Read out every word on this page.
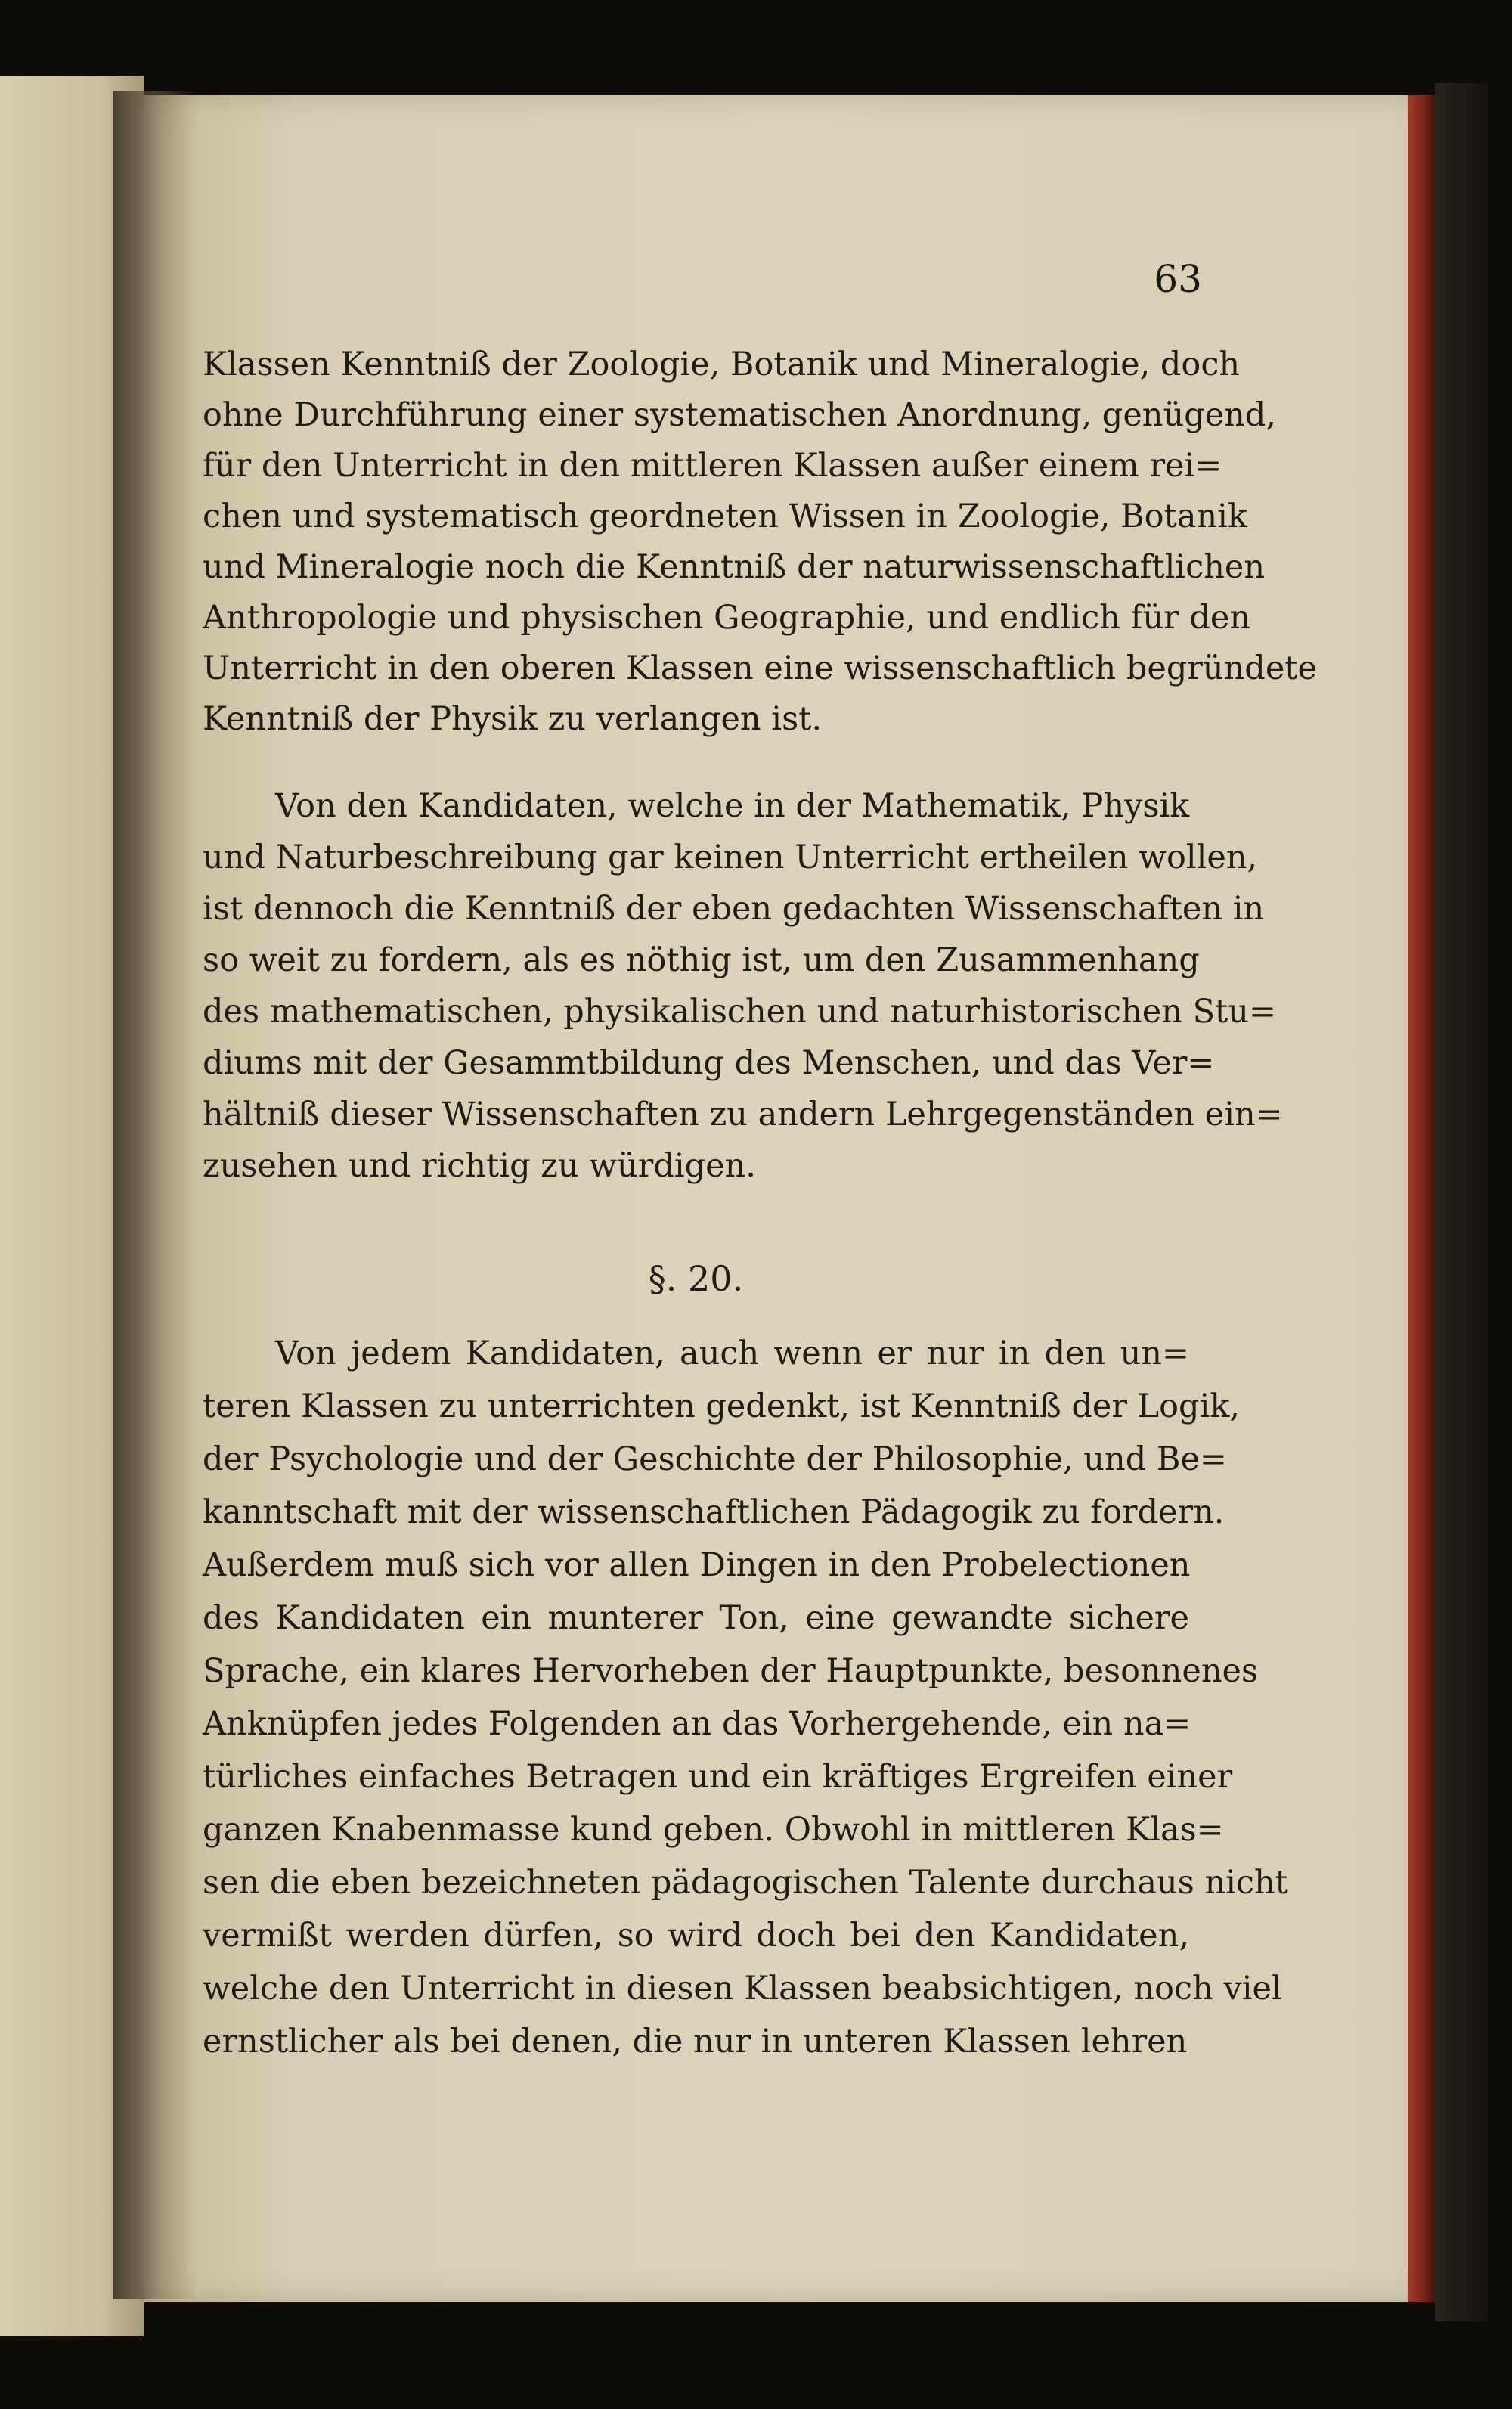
63
Klassen Kenntniß der Zoologie, Botanik und Mineralogie, doch
ohne Durchführung einer systematischen Anordnung, genügend,
für den Unterricht in den mittleren Klassen außer einem rei=
chen und systematisch geordneten Wissen in Zoologie, Botanik
und Mineralogie noch die Kenntniß der naturwissenschaftlichen
Anthropologie und physischen Geographie, und endlich für den
Unterricht in den oberen Klassen eine wissenschaftlich begründete
Kenntniß der Physik zu verlangen ist.
Von den Kandidaten, welche in der Mathematik, Physik
und Naturbeschreibung gar keinen Unterricht ertheilen wollen,
ist dennoch die Kenntniß der eben gedachten Wissenschaften in
so weit zu fordern, als es nöthig ist, um den Zusammenhang
des mathematischen, physikalischen und naturhistorischen Stu=
diums mit der Gesammtbildung des Menschen, und das Ver=
hältniß dieser Wissenschaften zu andern Lehrgegenständen ein=
zusehen und richtig zu würdigen.
§. 20.
Von jedem Kandidaten, auch wenn er nur in den un=
teren Klassen zu unterrichten gedenkt, ist Kenntniß der Logik,
der Psychologie und der Geschichte der Philosophie, und Be=
kanntschaft mit der wissenschaftlichen Pädagogik zu fordern.
Außerdem muß sich vor allen Dingen in den Probelectionen
des Kandidaten ein munterer Ton, eine gewandte sichere
Sprache, ein klares Hervorheben der Hauptpunkte, besonnenes
Anknüpfen jedes Folgenden an das Vorhergehende, ein na=
türliches einfaches Betragen und ein kräftiges Ergreifen einer
ganzen Knabenmasse kund geben. Obwohl in mittleren Klas=
sen die eben bezeichneten pädagogischen Talente durchaus nicht
vermißt werden dürfen, so wird doch bei den Kandidaten,
welche den Unterricht in diesen Klassen beabsichtigen, noch viel
ernstlicher als bei denen, die nur in unteren Klassen lehren
